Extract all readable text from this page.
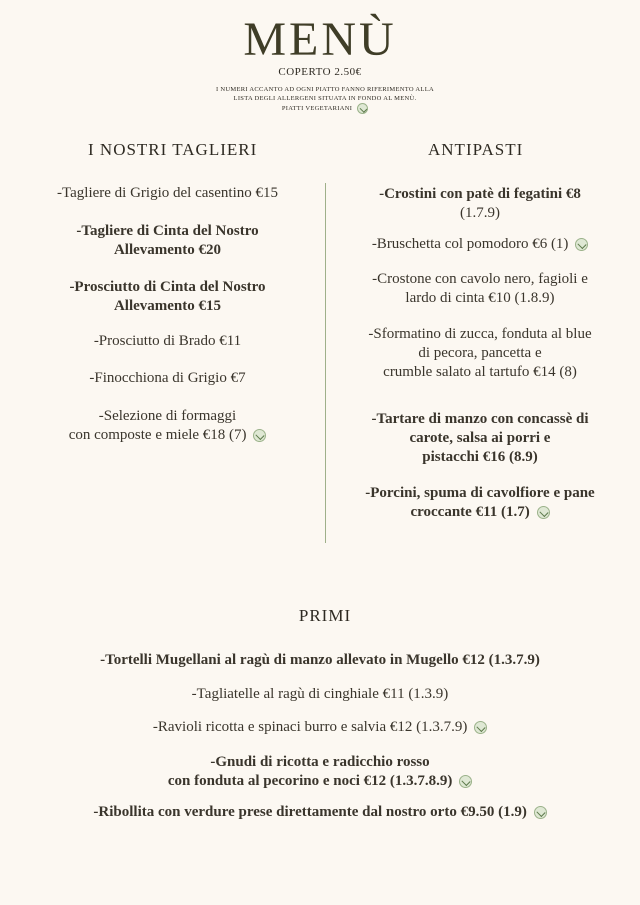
MENÙ
COPERTO 2.50€
I NUMERI ACCANTO AD OGNI PIATTO FANNO RIFERIMENTO ALLA
LISTA DEGLI ALLERGENI SITUATA IN FONDO AL MENÙ.
PIATTI VEGETARIANI
I NOSTRI TAGLIERI
-Tagliere di Grigio del casentino €15
-Tagliere di Cinta del Nostro
Allevamento €20
-Prosciutto di Cinta del Nostro
Allevamento €15
-Prosciutto di Brado €11
-Finocchiona di Grigio €7
-Selezione di formaggi
con composte e miele €18 (7)
ANTIPASTI
-Crostini con patè di fegatini €8
(1.7.9)
-Bruschetta col pomodoro €6 (1)
-Crostone con cavolo nero, fagioli e
lardo di cinta €10 (1.8.9)
-Sformatino di zucca, fonduta al blue
di pecora, pancetta e
crumble salato al tartufo €14 (8)
-Tartare di manzo con concassè di
carote, salsa ai porri e
pistacchi €16 (8.9)
-Porcini, spuma di cavolfiore e pane
croccante €11 (1.7)
PRIMI
-Tortelli Mugellani al ragù di manzo allevato in Mugello €12 (1.3.7.9)
-Tagliatelle al ragù di cinghiale €11 (1.3.9)
-Ravioli ricotta e spinaci burro e salvia €12 (1.3.7.9)
-Gnudi di ricotta e radicchio rosso
con fonduta al pecorino e noci €12 (1.3.7.8.9)
-Ribollita con verdure prese direttamente dal nostro orto €9.50 (1.9)
